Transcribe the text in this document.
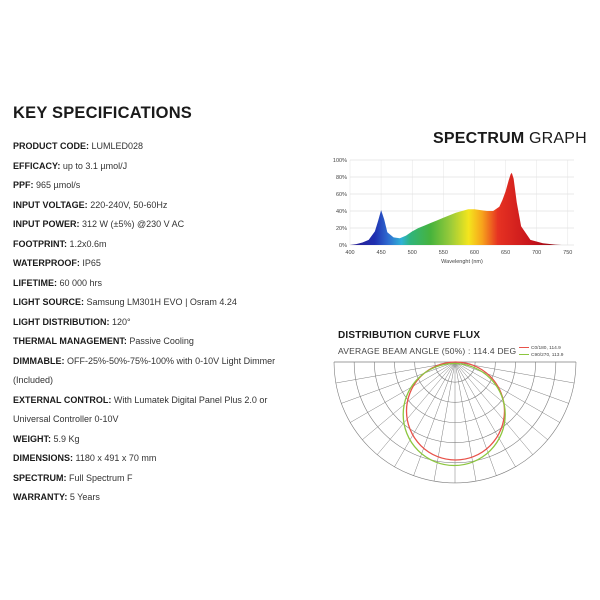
KEY SPECIFICATIONS
PRODUCT CODE: LUMLED028
EFFICACY: up to 3.1 µmol/J
PPF: 965 µmol/s
INPUT VOLTAGE: 220-240V, 50-60Hz
INPUT POWER: 312 W (±5%) @230 V AC
FOOTPRINT: 1.2x0.6m
WATERPROOF: IP65
LIFETIME: 60 000 hrs
LIGHT SOURCE: Samsung LM301H EVO | Osram 4.24
LIGHT DISTRIBUTION: 120°
THERMAL MANAGEMENT: Passive Cooling
DIMMABLE: OFF-25%-50%-75%-100% with 0-10V Light Dimmer
(Included)
EXTERNAL CONTROL: With Lumatek Digital Panel Plus 2.0 or
Universal Controller 0-10V
WEIGHT: 5.9 Kg
DIMENSIONS: 1180 x 491 x 70 mm
SPECTRUM: Full Spectrum F
WARRANTY: 5 Years
SPECTRUM GRAPH
0%
20%
40%
60%
80%
100%
400	450	500	550	600	650	700	750
Wavelenght (nm)
DISTRIBUTION CURVE FLUX
AVERAGE BEAM ANGLE (50%) : 114.4 DEG	C0/180, 114.9
C90/270, 113.9
